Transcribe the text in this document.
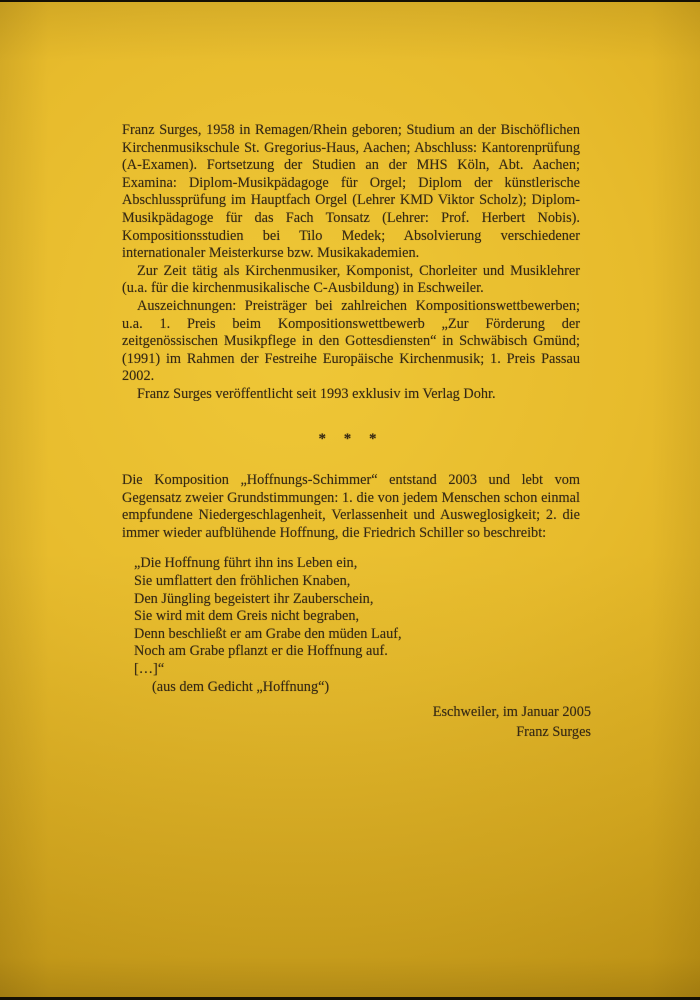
Franz Surges, 1958 in Remagen/Rhein geboren; Studium an der Bischöflichen Kirchenmusikschule St. Gregorius-Haus, Aachen; Abschluss: Kantorenprüfung (A-Examen). Fortsetzung der Studien an der MHS Köln, Abt. Aachen; Examina: Diplom-Musikpädagoge für Orgel; Diplom der künstlerische Abschlussprüfung im Hauptfach Orgel (Lehrer KMD Viktor Scholz); Diplom-Musikpädagoge für das Fach Tonsatz (Lehrer: Prof. Herbert Nobis). Kompositionsstudien bei Tilo Medek; Absolvierung verschiedener internationaler Meisterkurse bzw. Musikakademien.

Zur Zeit tätig als Kirchenmusiker, Komponist, Chorleiter und Musiklehrer (u.a. für die kirchenmusikalische C-Ausbildung) in Eschweiler.

Auszeichnungen: Preisträger bei zahlreichen Kompositionswettbewerben; u.a. 1. Preis beim Kompositionswettbewerb „Zur Förderung der zeitgenössischen Musikpflege in den Gottesdiensten“ in Schwäbisch Gmünd; (1991) im Rahmen der Festreihe Europäische Kirchenmusik; 1. Preis Passau 2002.

Franz Surges veröffentlicht seit 1993 exklusiv im Verlag Dohr.

* * *

Die Komposition „Hoffnungs-Schimmer“ entstand 2003 und lebt vom Gegensatz zweier Grundstimmungen: 1. die von jedem Menschen schon einmal empfundene Niedergeschlagenheit, Verlassenheit und Ausweglosigkeit; 2. die immer wieder aufblühende Hoffnung, die Friedrich Schiller so beschreibt:

„Die Hoffnung führt ihn ins Leben ein,
Sie umflattert den fröhlichen Knaben,
Den Jüngling begeistert ihr Zauberschein,
Sie wird mit dem Greis nicht begraben,
Denn beschließt er am Grabe den müden Lauf,
Noch am Grabe pflanzt er die Hoffnung auf.
[…]“
(aus dem Gedicht „Hoffnung“)
Eschweiler, im Januar 2005
Franz Surges
